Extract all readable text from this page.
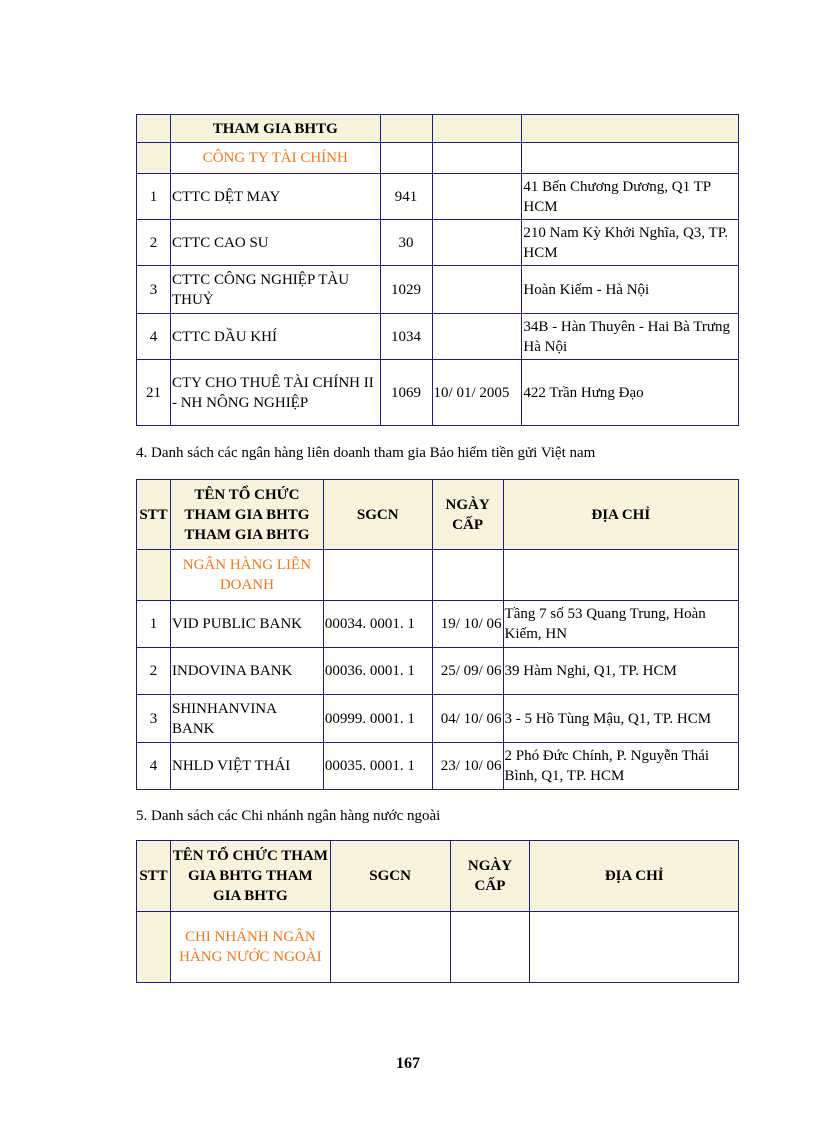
	THAM GIA BHTG			
	CÔNG TY TÀI CHÍNH			
1	CTTC DỆT MAY	941		41 Bến Chương Dương, Q1 TP HCM
2	CTTC CAO SU	30		210 Nam Kỳ Khởi Nghĩa, Q3, TP. HCM
3	CTTC CÔNG NGHIỆP TÀU THUỶ	1029		Hoàn Kiếm - Hà Nội
4	CTTC DẦU KHÍ	1034		34B - Hàn Thuyên - Hai Bà Trưng Hà Nội
21	CTY CHO THUÊ TÀI CHÍNH II - NH NÔNG NGHIỆP	1069	10/ 01/ 2005	422 Trần Hưng Đạo
4. Danh sách các ngân hàng liên doanh tham gia Bảo hiểm tiền gửi Việt nam
STT	TÊN TỔ CHỨC THAM GIA BHTG THAM GIA BHTG	SGCN	NGÀY CẤP	ĐỊA CHỈ
	NGÂN HÀNG LIÊN DOANH			
1	VID PUBLIC BANK	00034. 0001. 1	19/ 10/ 06	Tầng 7 số 53 Quang Trung, Hoàn Kiếm, HN
2	INDOVINA BANK	00036. 0001. 1	25/ 09/ 06	39 Hàm Nghi, Q1, TP. HCM
3	SHINHANVINA BANK	00999. 0001. 1	04/ 10/ 06	3 - 5 Hồ Tùng Mậu, Q1, TP. HCM
4	NHLD VIỆT THÁI	00035. 0001. 1	23/ 10/ 06	2 Phó Đức Chính, P. Nguyễn Thái Bình, Q1, TP. HCM
5. Danh sách các Chi nhánh ngân hàng nước ngoài
STT	TÊN TỔ CHỨC THAM GIA BHTG THAM GIA BHTG	SGCN	NGÀY CẤP	ĐỊA CHỈ
	CHI NHÁNH NGÂN HÀNG NƯỚC NGOÀI			
167
